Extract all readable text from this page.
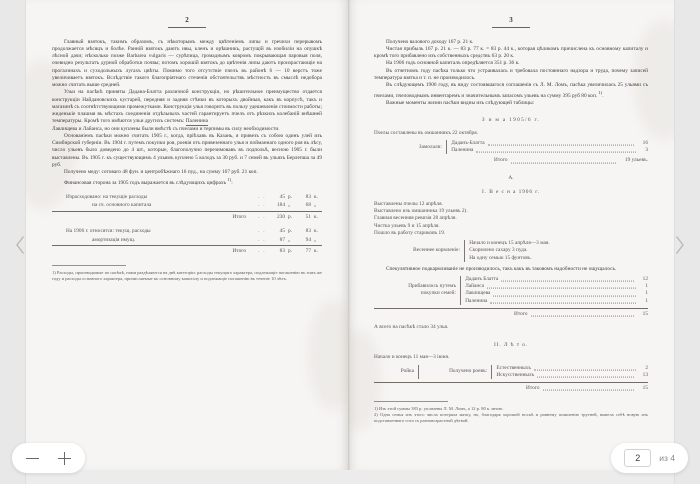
2

Главный взятокъ, такимъ образомъ, съ нѣкоторымъ между цвѣтенiемъ липы и гречихи перерывомъ продолжается мѣсяцъ и болѣе. Раннiй взятокъ даютъ ивы, кленъ и орѣшникъ, растущiй въ изобилiи на опушкѣ лѣсной дачи; нѣсколько позже Barbarea vulgaris — сурѣпица, громаднымъ ковромъ покрывающая паровыя поля, очевидно результатъ дурной обработки почвы; потомъ хорошiй взятокъ до цвѣтенiя липы даютъ произрастающiе на прогалинахъ и суходольныхъ лугахъ цвѣты. Помимо того отсутствiе пчелъ въ районѣ 6 — 10 верстъ тоже увеличиваетъ взятокъ. Вслѣдствiе такого благопрiятнаго стеченiя обстоятельствъ мѣстность въ смыслѣ недобора можно считать выше средней.

Ульи на пасѣкѣ приняты Дадана-Блатта различной конструкцiи, но рѣшительное преимущество отдается конструкцiи Найдановскихъ кустарей, передняя и задняя стѣнки въ которыхъ двойныя, какъ въ корпусѣ, такъ и магазинѣ съ соотвѣтствующими промежутками. Конструкцiя улья говоритъ въ пользу удешевленiя стоимости работы; жиденькiе плашмя въ мѣстахъ соединенiя отдѣльныхъ частей гарантируетъ пчелъ отъ рѣзкихъ колебанiй внѣшней температуры. Кромѣ того имѣются ульи другихъ системъ: Паленина

Лавлищева и Лайанса, но они куплены были вмѣстѣ съ пчелами и терпимы въ силу необходимости.

Основанiемъ пасѣки можно считать 1905 г., когда, прiѣхавъ въ Казань, я привезъ съ собою одинъ улей изъ Симбирской губернiи. Въ 1904 г. путемъ покупки роя, роевія отъ привезеннаго улья и пойманнаго одного роя въ лѣсу, число ульевъ было доведено до 4 шт., которые, благополучно перезимовавъ въ подпольѣ, весною 1905 г. были выставлены. Въ 1905 г. къ существующимъ 4 ульямъ куплено 5 колодъ за 30 руб. и 7 семей въ ульяхъ Берлепша за 49 руб.

Получено меду: сотоваго 48 фун. и центробѣжнаго 16 пуд., на сумму 167 руб. 21 коп.

Финансовая сторона за 1905 годъ выражается въ слѣдующихъ цифрахъ $^{1)}$:

Израсходовано: на текущiе расходы	. .	45	р.	83	к.
на сч. основного капитала	. .	184	„	68	„
Итого	. .	230	р.	51	к.
На 1906 г. относятся: текущ. расходы	. .	45	р.	83	к.
амортизацiя имущ.	. .	87	„	94	„
Итого	. .	83	р.	77	к.
1) Расходы, производимые по пасѣкѣ, нами раздѣляются на двѣ категорiи: расходы текущаго характера, подлежащiе погашенiю въ томъ же году и расходы основного характера, причисляемые къ основному капиталу и подлежащiе погашенiю въ теченiе 10 лѣтъ.
3

Получено валового доходу 167 р. 21 к.

Чистая прибыль 167 р. 21 к. — 83 р. 77 к. = 83 р. 44 к., которая цѣликомъ причислена къ основному капиталу и кромѣ того прибавлено изъ собственныхъ средствъ 63 р. 20 к.

На 1906 годъ основной капиталъ опредѣляется 351 р. 36 к.

Въ отчетномъ году пасѣка только что устраивалась и требовала постояннаго надзора и труда, почему записей температура взятка и т. п. не производилось.

Въ слѣдующемъ 1906 году, въ виду состоявшагося соглашенiя съ Л. М. Ломъ, пасѣка увеличилась 25 ульями съ пчелами, пчеловоднымъ инвентаремъ и значительнымъ запасомъ ульевъ на сумму 395 руб 80 коп. $^{1)}$.

Важные моменты жизни пасѣки видны изъ слѣдующей таблицы:

З и м а 1905/6 г.
Пчелы составлены въ омшанникъ 22 октября.
Замолали:
Даданъ-Блатта	16
Паленина	3
Итого	19 ульевъ.
А.
I. В е с н а 1906 г.
Выставлены пчелы 12 апрѣля.
Выставлено изъ омшанника 19 ульевъ 2).
Главная весенняя ревизiя 28 апрѣля.
Чистка ульевъ 9 и 15 апрѣля.
Пошло въ работу стариковъ 19.
Весеннее кормленiе:
Начало и конецъ 15 апрѣля—3 мая.
Скормлено сахару 3 пуда.
На одну семью 15 фунтовъ.

Спекулятивное подкармливанiе не производилось, такъ какъ въ таковомъ надобности не ощущалось.

Прибавилось путемъ
покупки семей:
Даданъ Блатта	12
Лайанса	1
Лавлищева	1
Паленина	1
Итого	15
А всего на пасѣкѣ стало 34 улья.
II. Л ѣ т о.
Начало и конецъ 11 мая—3 iюня.
Ройка	Получено роевъ:
Естественныхъ	2
Искусственныхъ	13
Итого	15
1) Изъ этой суммы 383 р. уплачены Л. М. Ломъ, а 12 р. 80 к. мною.
2) Одна семья изъ этого числа потеряла матку, но, благодаря хорошей носкѣ и раннему появленiю трутней, вывела себѣ новую изъ подставленнаго сота съ разновозрастной дѣтвой.
2	из 4
